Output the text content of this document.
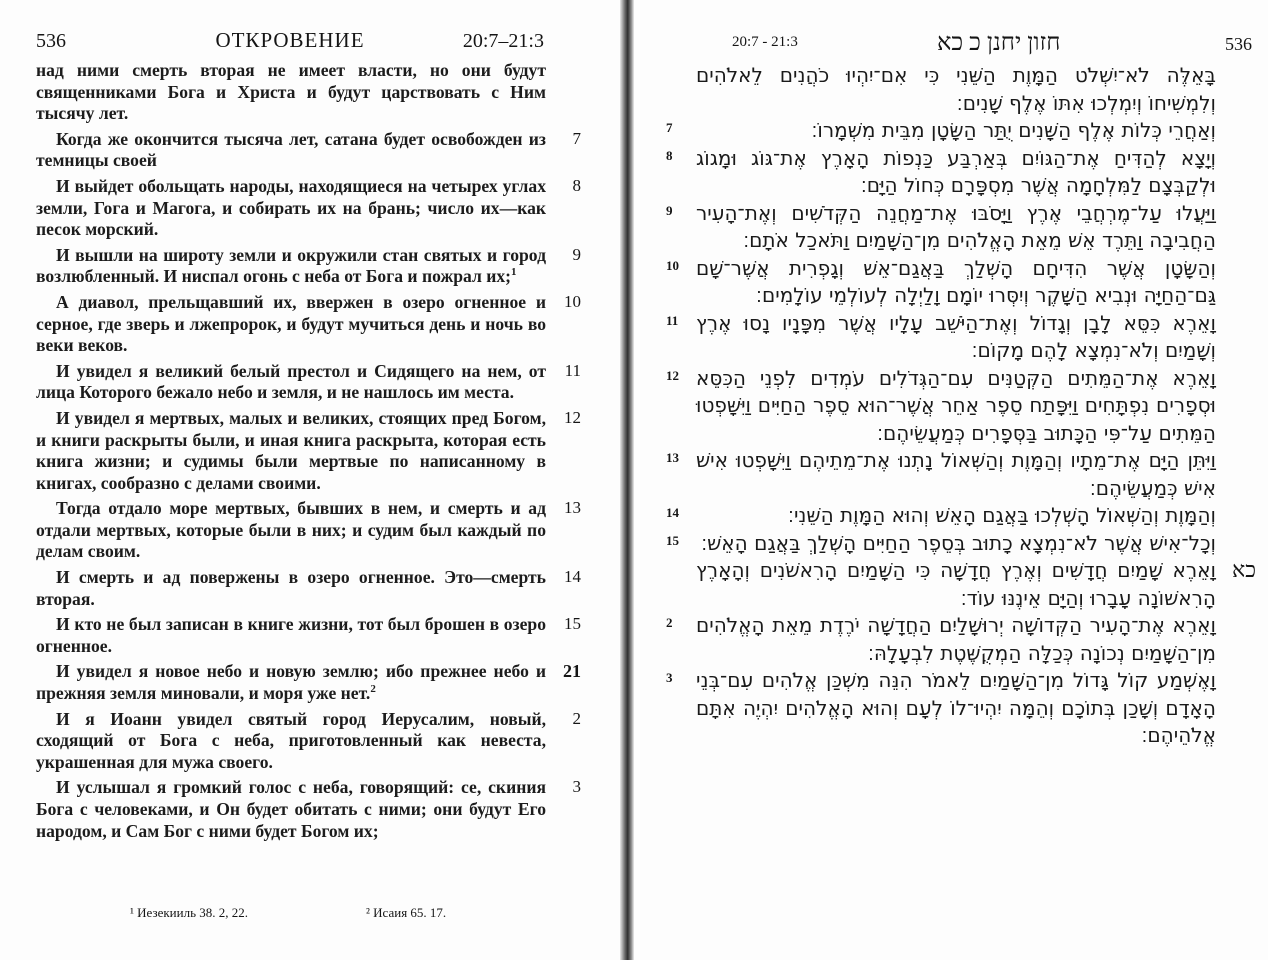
536	ОТКРОВЕНИЕ	20:7–21:3
над ними смерть вторая не имеет власти, но они будут священниками Бога и Христа и будут царствовать с Ним тысячу лет.
Когда же окончится тысяча лет, сатана будет освобожден из темницы своей
7
И выйдет обольщать народы, находящиеся на четырех углах земли, Гога и Магога, и собирать их на брань; число их—как песок морский.
8
И вышли на широту земли и окружили стан святых и город возлюбленный. И ниспал огонь с неба от Бога и пожрал их;$^1$
9
А диавол, прельщавший их, ввержен в озеро огненное и серное, где зверь и лжепророк, и будут мучиться день и ночь во веки веков.
10
И увидел я великий белый престол и Сидящего на нем, от лица Которого бежало небо и земля, и не нашлось им места.
11
И увидел я мертвых, малых и великих, стоящих пред Богом, и книги раскрыты были, и иная книга раскрыта, которая есть книга жизни; и судимы были мертвые по написанному в книгах, сообразно с делами своими.
12
Тогда отдало море мертвых, бывших в нем, и смерть и ад отдали мертвых, которые были в них; и судим был каждый по делам своим.
13
И смерть и ад повержены в озеро огненное. Это—смерть вторая.
14
И кто не был записан в книге жизни, тот был брошен в озеро огненное.
15
И увидел я новое небо и новую землю; ибо прежнее небо и прежняя земля миновали, и моря уже нет.$^2$
21
И я Иоанн увидел святый город Иерусалим, новый, сходящий от Бога с неба, приготовленный как невеста, украшенная для мужа своего.
2
И услышал я громкий голос с неба, говорящий: се, скиния Бога с человеками, и Он будет обитать с ними; они будут Его народом, и Сам Бог с ними будет Богом их;
3
¹ Иезекииль 38. 2, 22.	² Исаия 65. 17.
20:7 - 21:3	חזון יחנן כ כא	536
בָּאֵלֶּה לֹא־יִשְׁלֹט הַמָּוֶת הַשֵּׁנִי כִּי אִם־יִהְיוּ כֹהֲנִים לֵאלֹהִים וְלִמְשִׁיחוֹ וְיִמְלְכוּ אִתּוֹ אֶלֶף שָׁנִים׃
וְאַחֲרֵי כְּלוֹת אֶלֶף הַשָּׁנִים יֻתַּר הַשָּׂטָן מִבֵּית מִשְׁמָרוֹ׃
7
וְיָצָא לְהַדִּיחַ אֶת־הַגּוֹיִם בְּאַרְבַּע כַּנְפוֹת הָאָרֶץ אֶת־גּוֹג וּמָגוֹג וּלְקַבְּצָם לַמִּלְחָמָה אֲשֶׁר מִסְפָּרָם כְּחוֹל הַיָּם׃
8
וַיַּעֲלוּ עַל־מֶרְחֲבֵי אֶרֶץ וַיָּסֹבּוּ אֶת־מַחֲנֵה הַקְּדֹשִׁים וְאֶת־הָעִיר הַחֲבִיבָה וַתֵּרֶד אֵשׁ מֵאֵת הָאֱלֹהִים מִן־הַשָּׁמַיִם וַתֹּאכַל אֹתָם׃
9
וְהַשָּׂטָן אֲשֶׁר הִדִּיחָם הָשְׁלַךְ בַּאֲגַם־אֵשׁ וְגָפְרִית אֲשֶׁר־שָׁם גַּם־הַחַיָּה וּנְבִיא הַשָּׁקֶר וְיִסְּרוּ יוֹמָם וָלַיְלָה לְעוֹלְמֵי עוֹלָמִים׃
10
וָאֵרֶא כִּסֵּא לָבָן וְגָדוֹל וְאֶת־הַיֹּשֵׁב עָלָיו אֲשֶׁר מִפָּנָיו נָסוּ אֶרֶץ וְשָׁמַיִם וְלֹא־נִמְצָא לָהֶם מָקוֹם׃
11
וָאֵרֶא אֶת־הַמֵּתִים הַקְּטַנִּים עִם־הַגְּדֹלִים עֹמְדִים לִפְנֵי הַכִּסֵּא וּסְפָרִים נִפְתָּחִים וַיִּפָּתַח סֵפֶר אַחֵר אֲשֶׁר־הוּא סֵפֶר הַחַיִּים וַיִּשָּׁפְטוּ הַמֵּתִים עַל־פִּי הַכָּתוּב בַּסְּפָרִים כְּמַעֲשֵׂיהֶם׃
12
וַיִּתֵּן הַיָּם אֶת־מֵתָיו וְהַמָּוֶת וְהַשְּׁאוֹל נָתְנוּ אֶת־מֵתֵיהֶם וַיִּשָּׁפְטוּ אִישׁ אִישׁ כְּמַעֲשֵׂיהֶם׃
13
וְהַמָּוֶת וְהַשְּׁאוֹל הָשְׁלְכוּ בַּאֲגַם הָאֵשׁ וְהוּא הַמָּוֶת הַשֵּׁנִי׃
14
וְכָל־אִישׁ אֲשֶׁר לֹא־נִמְצָא כָתוּב בְּסֵפֶר הַחַיִּים הָשְׁלַךְ בַּאֲגַם הָאֵשׁ׃
15
וָאֵרֶא שָׁמַיִם חֲדָשִׁים וְאֶרֶץ חֲדָשָׁה כִּי הַשָּׁמַיִם הָרִאשֹׁנִים וְהָאָרֶץ הָרִאשׁוֹנָה עָבָרוּ וְהַיָּם אֵינֶנּוּ עוֹד׃
כא
וָאֵרֶא אֶת־הָעִיר הַקְּדוֹשָׁה יְרוּשָׁלַיִם הַחֲדָשָׁה יֹרֶדֶת מֵאֵת הָאֱלֹהִים מִן־הַשָּׁמַיִם נְכוֹנָה כְּכַלָּה הַמְקֻשֶּׁטֶת לִבְעָלָהּ׃
2
וָאֶשְׁמַע קוֹל גָּדוֹל מִן־הַשָּׁמַיִם לֵאמֹר הִנֵּה מִשְׁכַּן אֱלֹהִים עִם־בְּנֵי הָאָדָם וְשָׁכַן בְּתוֹכָם וְהֵמָּה יִהְיוּ־לוֹ לְעָם וְהוּא הָאֱלֹהִים יִהְיֶה אִתָּם אֱלֹהֵיהֶם׃
3
